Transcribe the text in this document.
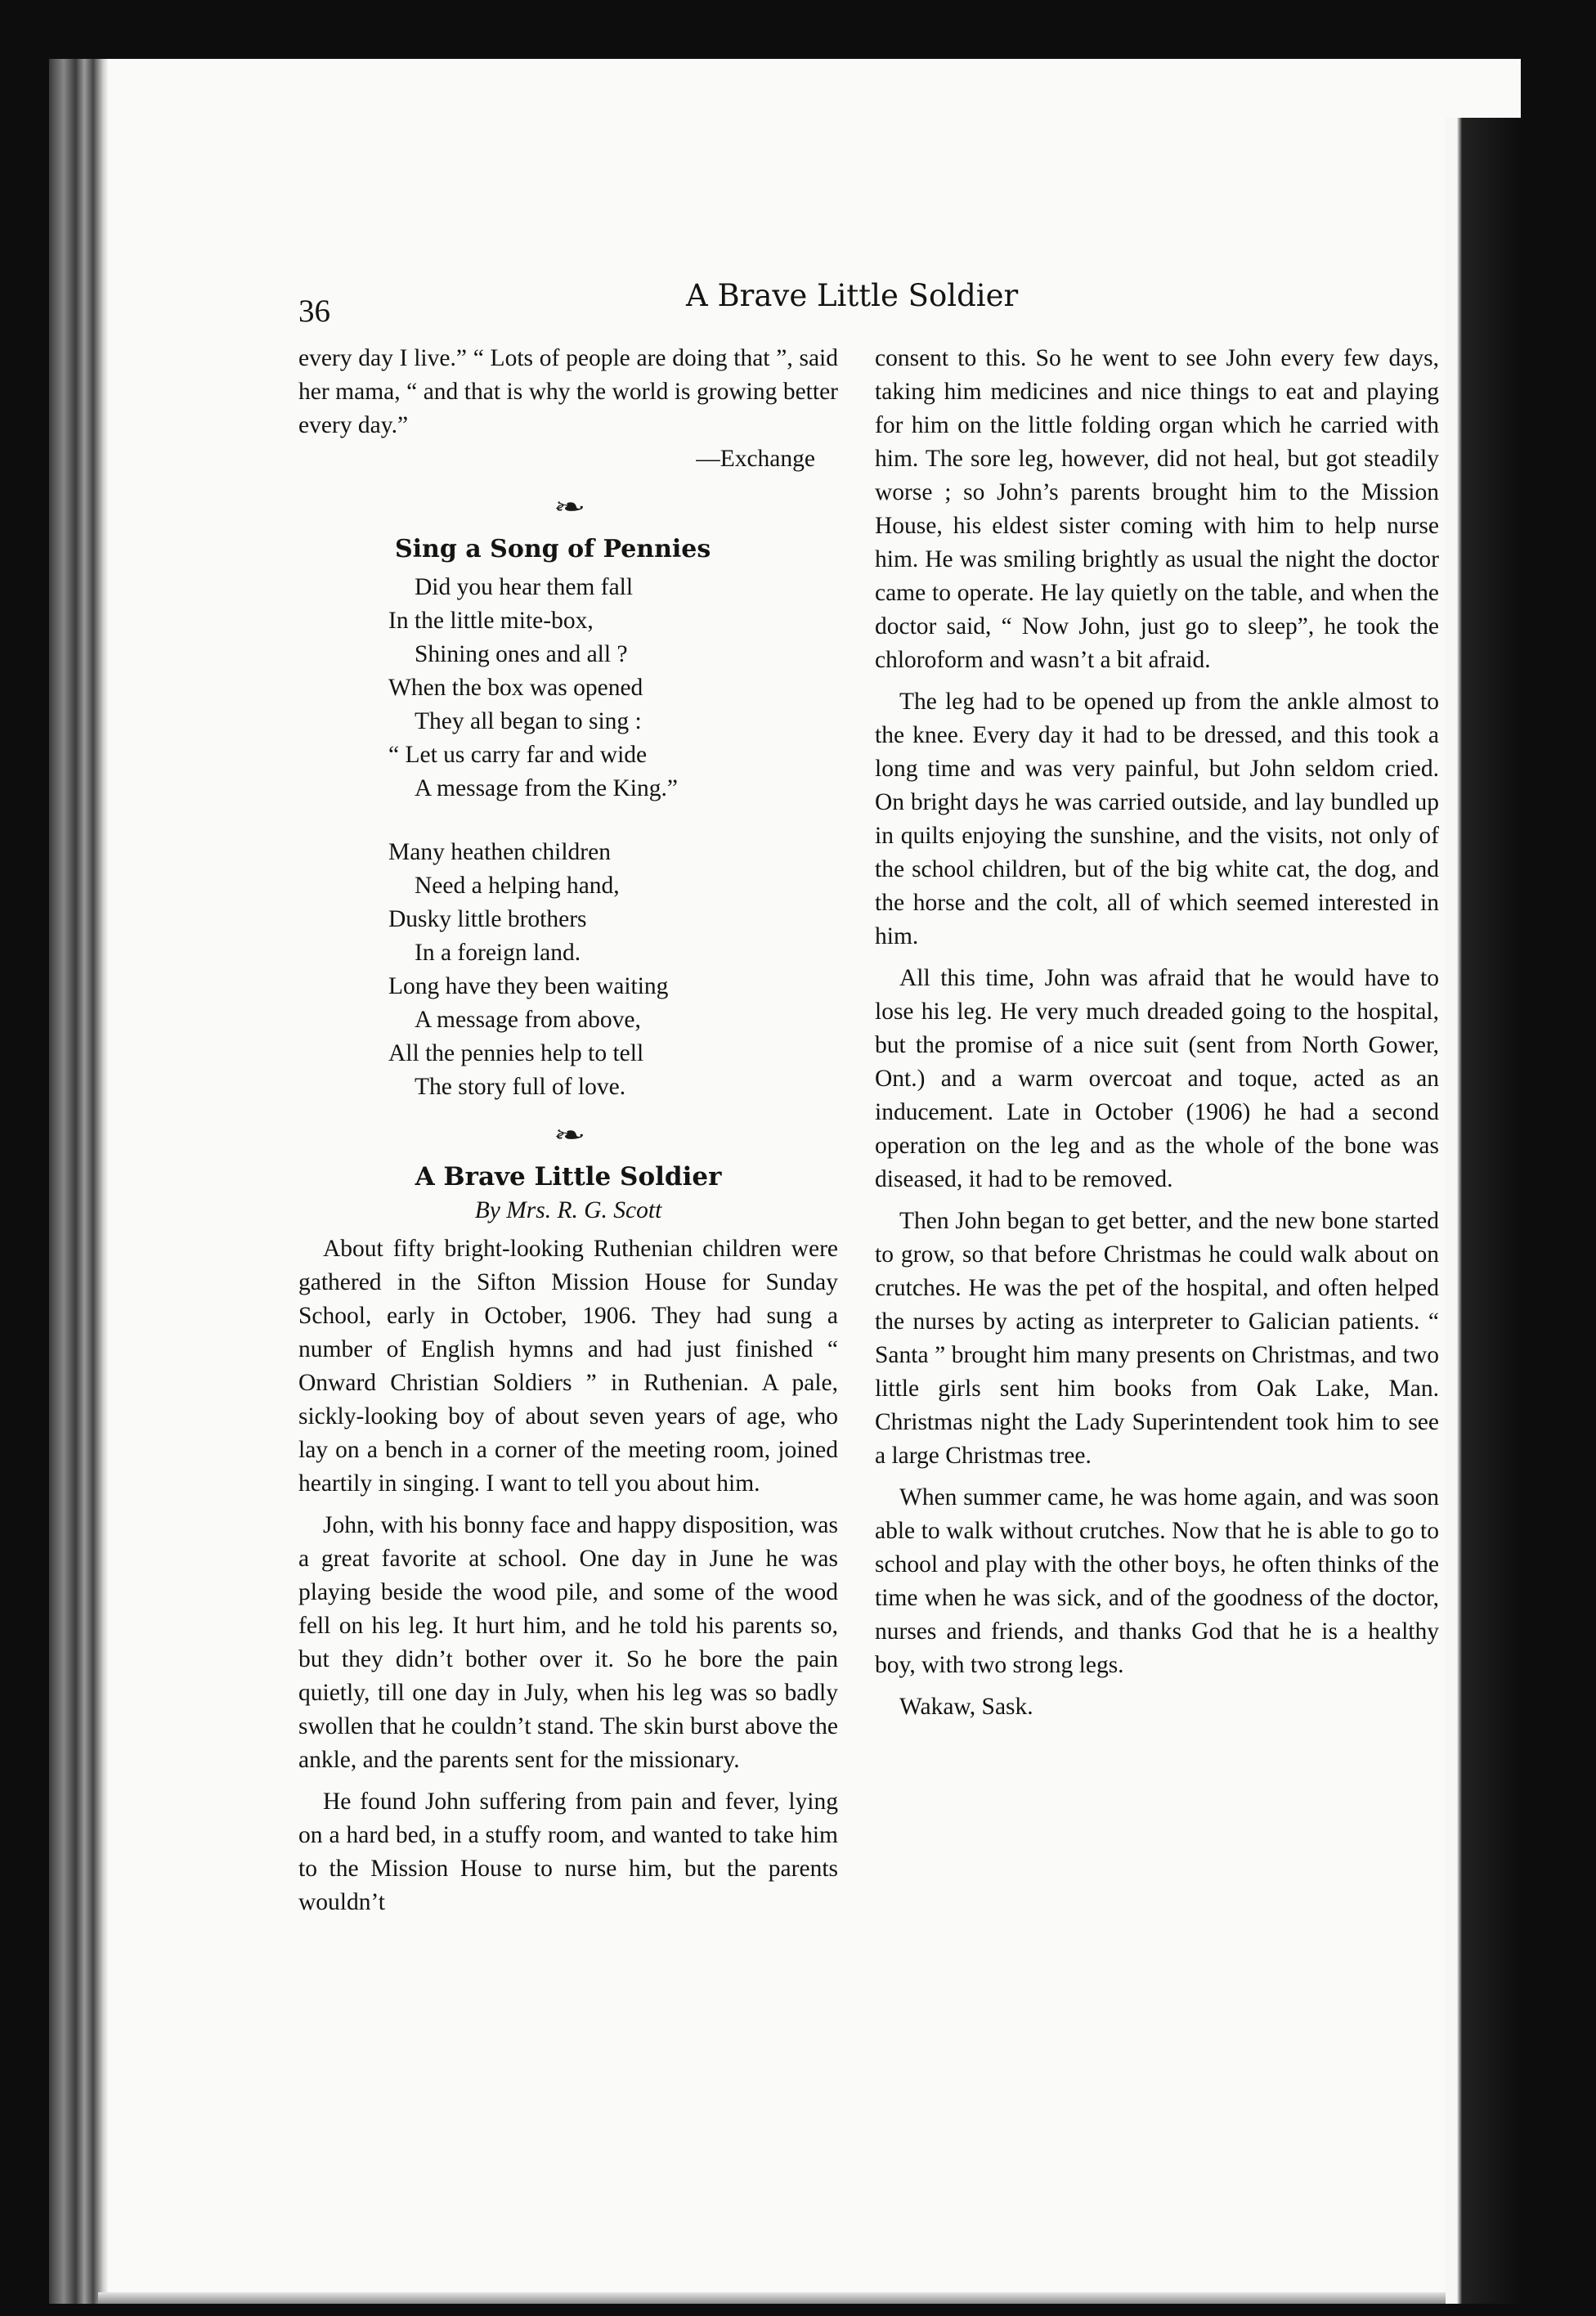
36	A Brave Little Soldier

every day I live.” “ Lots of people are doing that ”, said her mama, “ and that is why the world is growing better every day.”

—Exchange

❧
Sing a Song of Pennies
Did you hear them fall
In the little mite-box,
Shining ones and all ?
When the box was opened
They all began to sing :
“ Let us carry far and wide
A message from the King.”
Many heathen children
Need a helping hand,
Dusky little brothers
In a foreign land.
Long have they been waiting
A message from above,
All the pennies help to tell
The story full of love.
❧
A Brave Little Soldier
By Mrs. R. G. Scott

About fifty bright-looking Ruthenian children were gathered in the Sifton Mission House for Sunday School, early in October, 1906. They had sung a number of English hymns and had just finished “ Onward Christian Soldiers ” in Ruthenian. A pale, sickly-looking boy of about seven years of age, who lay on a bench in a corner of the meeting room, joined heartily in singing. I want to tell you about him.

John, with his bonny face and happy disposition, was a great favorite at school. One day in June he was playing beside the wood pile, and some of the wood fell on his leg. It hurt him, and he told his parents so, but they didn’t bother over it. So he bore the pain quietly, till one day in July, when his leg was so badly swollen that he couldn’t stand. The skin burst above the ankle, and the parents sent for the missionary.

He found John suffering from pain and fever, lying on a hard bed, in a stuffy room, and wanted to take him to the Mission House to nurse him, but the parents wouldn’t

consent to this. So he went to see John every few days, taking him medicines and nice things to eat and playing for him on the little folding organ which he carried with him. The sore leg, however, did not heal, but got steadily worse ; so John’s parents brought him to the Mission House, his eldest sister coming with him to help nurse him. He was smiling brightly as usual the night the doctor came to operate. He lay quietly on the table, and when the doctor said, “ Now John, just go to sleep”, he took the chloroform and wasn’t a bit afraid.

The leg had to be opened up from the ankle almost to the knee. Every day it had to be dressed, and this took a long time and was very painful, but John seldom cried. On bright days he was carried outside, and lay bundled up in quilts enjoying the sunshine, and the visits, not only of the school children, but of the big white cat, the dog, and the horse and the colt, all of which seemed interested in him.

All this time, John was afraid that he would have to lose his leg. He very much dreaded going to the hospital, but the promise of a nice suit (sent from North Gower, Ont.) and a warm overcoat and toque, acted as an inducement. Late in October (1906) he had a second operation on the leg and as the whole of the bone was diseased, it had to be removed.

Then John began to get better, and the new bone started to grow, so that before Christmas he could walk about on crutches. He was the pet of the hospital, and often helped the nurses by acting as interpreter to Galician patients. “ Santa ” brought him many presents on Christmas, and two little girls sent him books from Oak Lake, Man. Christmas night the Lady Superintendent took him to see a large Christmas tree.

When summer came, he was home again, and was soon able to walk without crutches. Now that he is able to go to school and play with the other boys, he often thinks of the time when he was sick, and of the goodness of the doctor, nurses and friends, and thanks God that he is a healthy boy, with two strong legs.

Wakaw, Sask.
